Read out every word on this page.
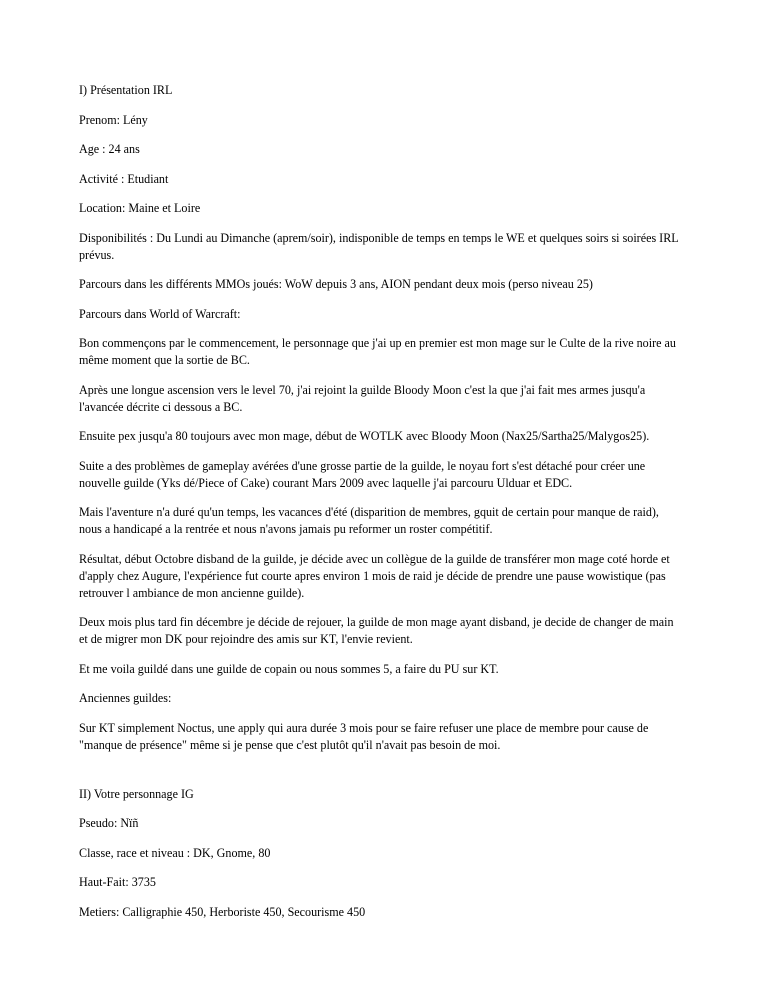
I) Présentation IRL

Prenom: Lény

Age : 24 ans

Activité : Etudiant

Location: Maine et Loire

Disponibilités : Du Lundi au Dimanche (aprem/soir), indisponible de temps en temps le WE et quelques soirs si soirées IRL prévus.

Parcours dans les différents MMOs joués: WoW depuis 3 ans, AION pendant deux mois (perso niveau 25)

Parcours dans World of Warcraft:

Bon commençons par le commencement, le personnage que j'ai up en premier est mon mage sur le Culte de la rive noire au même moment que la sortie de BC.

Après une longue ascension vers le level 70, j'ai rejoint la guilde Bloody Moon c'est la que j'ai fait mes armes jusqu'a l'avancée décrite ci dessous a BC.

Ensuite pex jusqu'a 80 toujours avec mon mage, début de WOTLK avec Bloody Moon (Nax25/Sartha25/Malygos25).

Suite a des problèmes de gameplay avérées d'une grosse partie de la guilde, le noyau fort s'est détaché pour créer une nouvelle guilde (Yks dé/Piece of Cake) courant Mars 2009 avec laquelle j'ai parcouru Ulduar et EDC.

Mais l'aventure n'a duré qu'un temps, les vacances d'été (disparition de membres, gquit de certain pour manque de raid), nous a handicapé a la rentrée et nous n'avons jamais pu reformer un roster compétitif.

Résultat, début Octobre disband de la guilde, je décide avec un collègue de la guilde de transférer mon mage coté horde et d'apply chez Augure, l'expérience fut courte apres environ 1 mois de raid je décide de prendre une pause wowistique (pas retrouver l ambiance de mon ancienne guilde).

Deux mois plus tard fin décembre je décide de rejouer, la guilde de mon mage ayant disband, je decide de changer de main et de migrer mon DK pour rejoindre des amis sur KT, l'envie revient.

Et me voila guildé dans une guilde de copain ou nous sommes 5, a faire du PU sur KT.

Anciennes guildes:

Sur KT simplement Noctus, une apply qui aura durée 3 mois pour se faire refuser une place de membre pour cause de "manque de présence" même si je pense que c'est plutôt qu'il n'avait pas besoin de moi.

II) Votre personnage IG

Pseudo: Nïñ

Classe, race et niveau : DK, Gnome, 80

Haut-Fait: 3735

Metiers: Calligraphie 450, Herboriste 450, Secourisme 450
